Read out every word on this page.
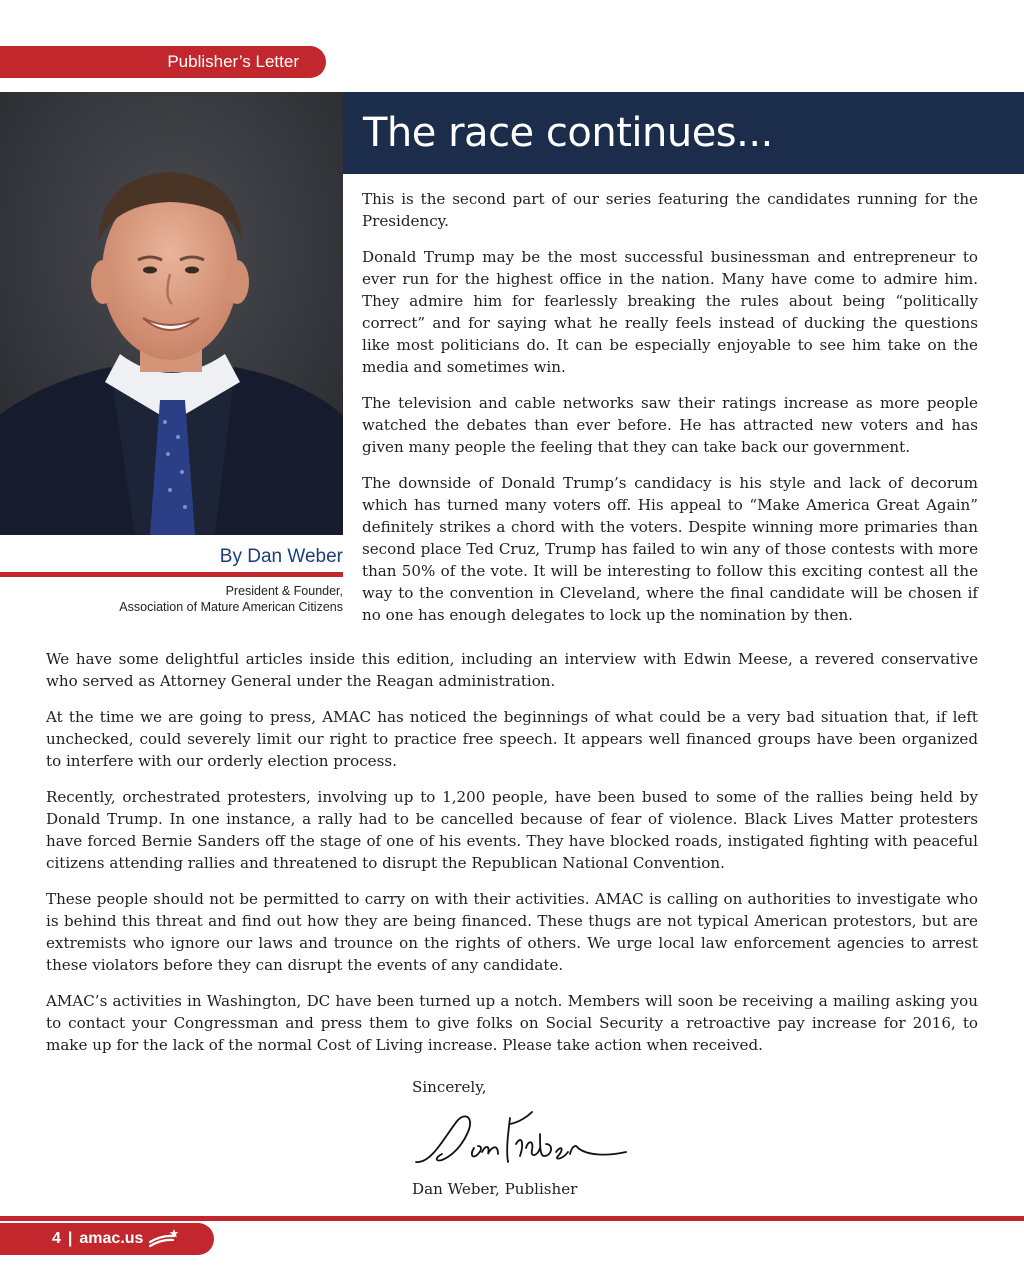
Publisher’s Letter
The race continues...
By Dan Weber
President & Founder,
Association of Mature American Citizens

This is the second part of our series featuring the candidates running for the Presidency.

Donald Trump may be the most successful businessman and entrepreneur to ever run for the highest office in the nation. Many have come to admire him. They admire him for fearlessly breaking the rules about being “politically correct” and for saying what he really feels instead of ducking the questions like most politicians do. It can be especially enjoyable to see him take on the media and sometimes win.

The television and cable networks saw their ratings increase as more people watched the debates than ever before. He has attracted new voters and has given many people the feeling that they can take back our government.

The downside of Donald Trump’s candidacy is his style and lack of decorum which has turned many voters off. His appeal to “Make America Great Again” definitely strikes a chord with the voters. Despite winning more primaries than second place Ted Cruz, Trump has failed to win any of those contests with more than 50% of the vote. It will be interesting to follow this exciting contest all the way to the convention in Cleveland, where the final candidate will be chosen if no one has enough delegates to lock up the nomination by then.

We have some delightful articles inside this edition, including an interview with Edwin Meese, a revered conservative who served as Attorney General under the Reagan administration.

At the time we are going to press, AMAC has noticed the beginnings of what could be a very bad situation that, if left unchecked, could severely limit our right to practice free speech. It appears well financed groups have been organized to interfere with our orderly election process.

Recently, orchestrated protesters, involving up to 1,200 people, have been bused to some of the rallies being held by Donald Trump. In one instance, a rally had to be cancelled because of fear of violence. Black Lives Matter protesters have forced Bernie Sanders off the stage of one of his events. They have blocked roads, instigated fighting with peaceful citizens attending rallies and threatened to disrupt the Republican National Convention.

These people should not be permitted to carry on with their activities. AMAC is calling on authorities to investigate who is behind this threat and find out how they are being financed. These thugs are not typical American protestors, but are extremists who ignore our laws and trounce on the rights of others. We urge local law enforcement agencies to arrest these violators before they can disrupt the events of any candidate.

AMAC’s activities in Washington, DC have been turned up a notch. Members will soon be receiving a mailing asking you to contact your Congressman and press them to give folks on Social Security a retroactive pay increase for 2016, to make up for the lack of the normal Cost of Living increase. Please take action when received.

Sincerely,
Dan Weber, Publisher
4 | amac.us
